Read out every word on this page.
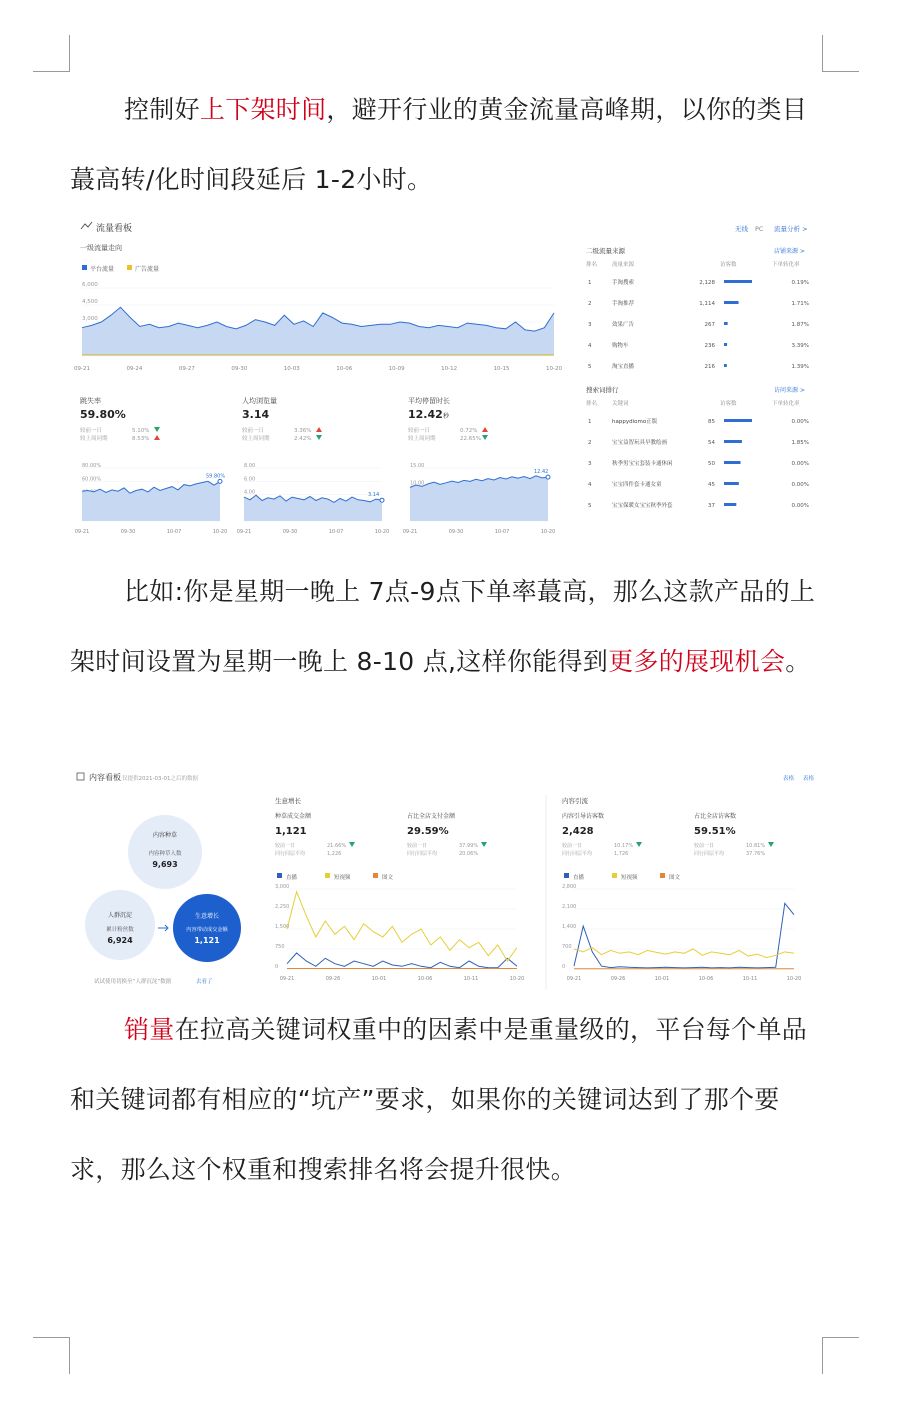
控制好上下架时间，避开行业的黄金流量高峰期，以你的类目蕞高转/化时间段延后 1-2小时。
流量看板	无线 PC 流量分析 >
一级流量走向
平台流量	广告流量
6,000
4,500
3,000
09-21	09-24	09-27	09-30	10-03	10-06	10-09	10-12	10-15	10-20
跳失率
59.80%
较前一日	5.10%
较上周同期	8.53%
80.00%
60.00%	59.80%
09-21	09-30	10-07	10-20
人均浏览量
3.14
较前一日	3.36%
较上周同期	2.42%
8.00
6.00
4.00	3.14
09-21	09-30	10-07	10-20
平均停留时长
12.42 秒
较前一日	0.72%
较上周同期	22.65%
15.00
10.00
12.42
09-21	09-30	10-07	10-20
二级流量来源	店铺来源 >
排名	流量来源	访客数	下单转化率
1	手淘搜索	2,128	0.19%
2	手淘推荐	1,114	1.71%
3	效果广告	267	1.87%
4	购物车	236	3.39%
5	淘宝直播	216	1.39%
搜索词排行	访问来源 >
排名	关键词	访客数	下单转化率
1	happydiomo正版	85	0.00%
2	宝宝益智玩具早教绘画	54	1.85%
3	秋季男宝宝套装卡通休闲	50	0.00%
4	宝宝四件套卡通女童	45	0.00%
5	宝宝保暖女宝宝秋季外套	37	0.00%
比如:你是星期一晚上 7点-9点下单率蕞高，那么这款产品的上架时间设置为星期一晚上 8-10 点,这样你能得到更多的展现机会。
内容看板 仅提供2021-03-01之后的数据	表格 表格
内容种草
内容种草人数
9,693
人群沉淀
累计粉丝数
6,924
生意增长
内容带动成交金额
1,121
试试使用切换至“人群沉淀”数据	去看了
生意增长
种草成交金额
1,121
较前一日	21.66%
同行同层平均	1,226
占比全店支付金额
29.59%
较前一日	37.99%
同行同层平均	20.06%
直播	短视频	图文
3,000
2,250
1,500
750
0
09-21	09-26	10-01	10-06	10-11	10-20
内容引流
内容引导访客数
2,428
较前一日	10.17%
同行同层平均	1,726
占比全店访客数
59.51%
较前一日	10.81%
同行同层平均	37.76%
直播	短视频	图文
2,800
2,100
1,400
700
0
09-21	09-26	10-01	10-06	10-11	10-20
销量在拉高关键词权重中的因素中是重量级的，平台每个单品和关键词都有相应的“坑产”要求，如果你的关键词达到了那个要求，那么这个权重和搜索排名将会提升很快。
